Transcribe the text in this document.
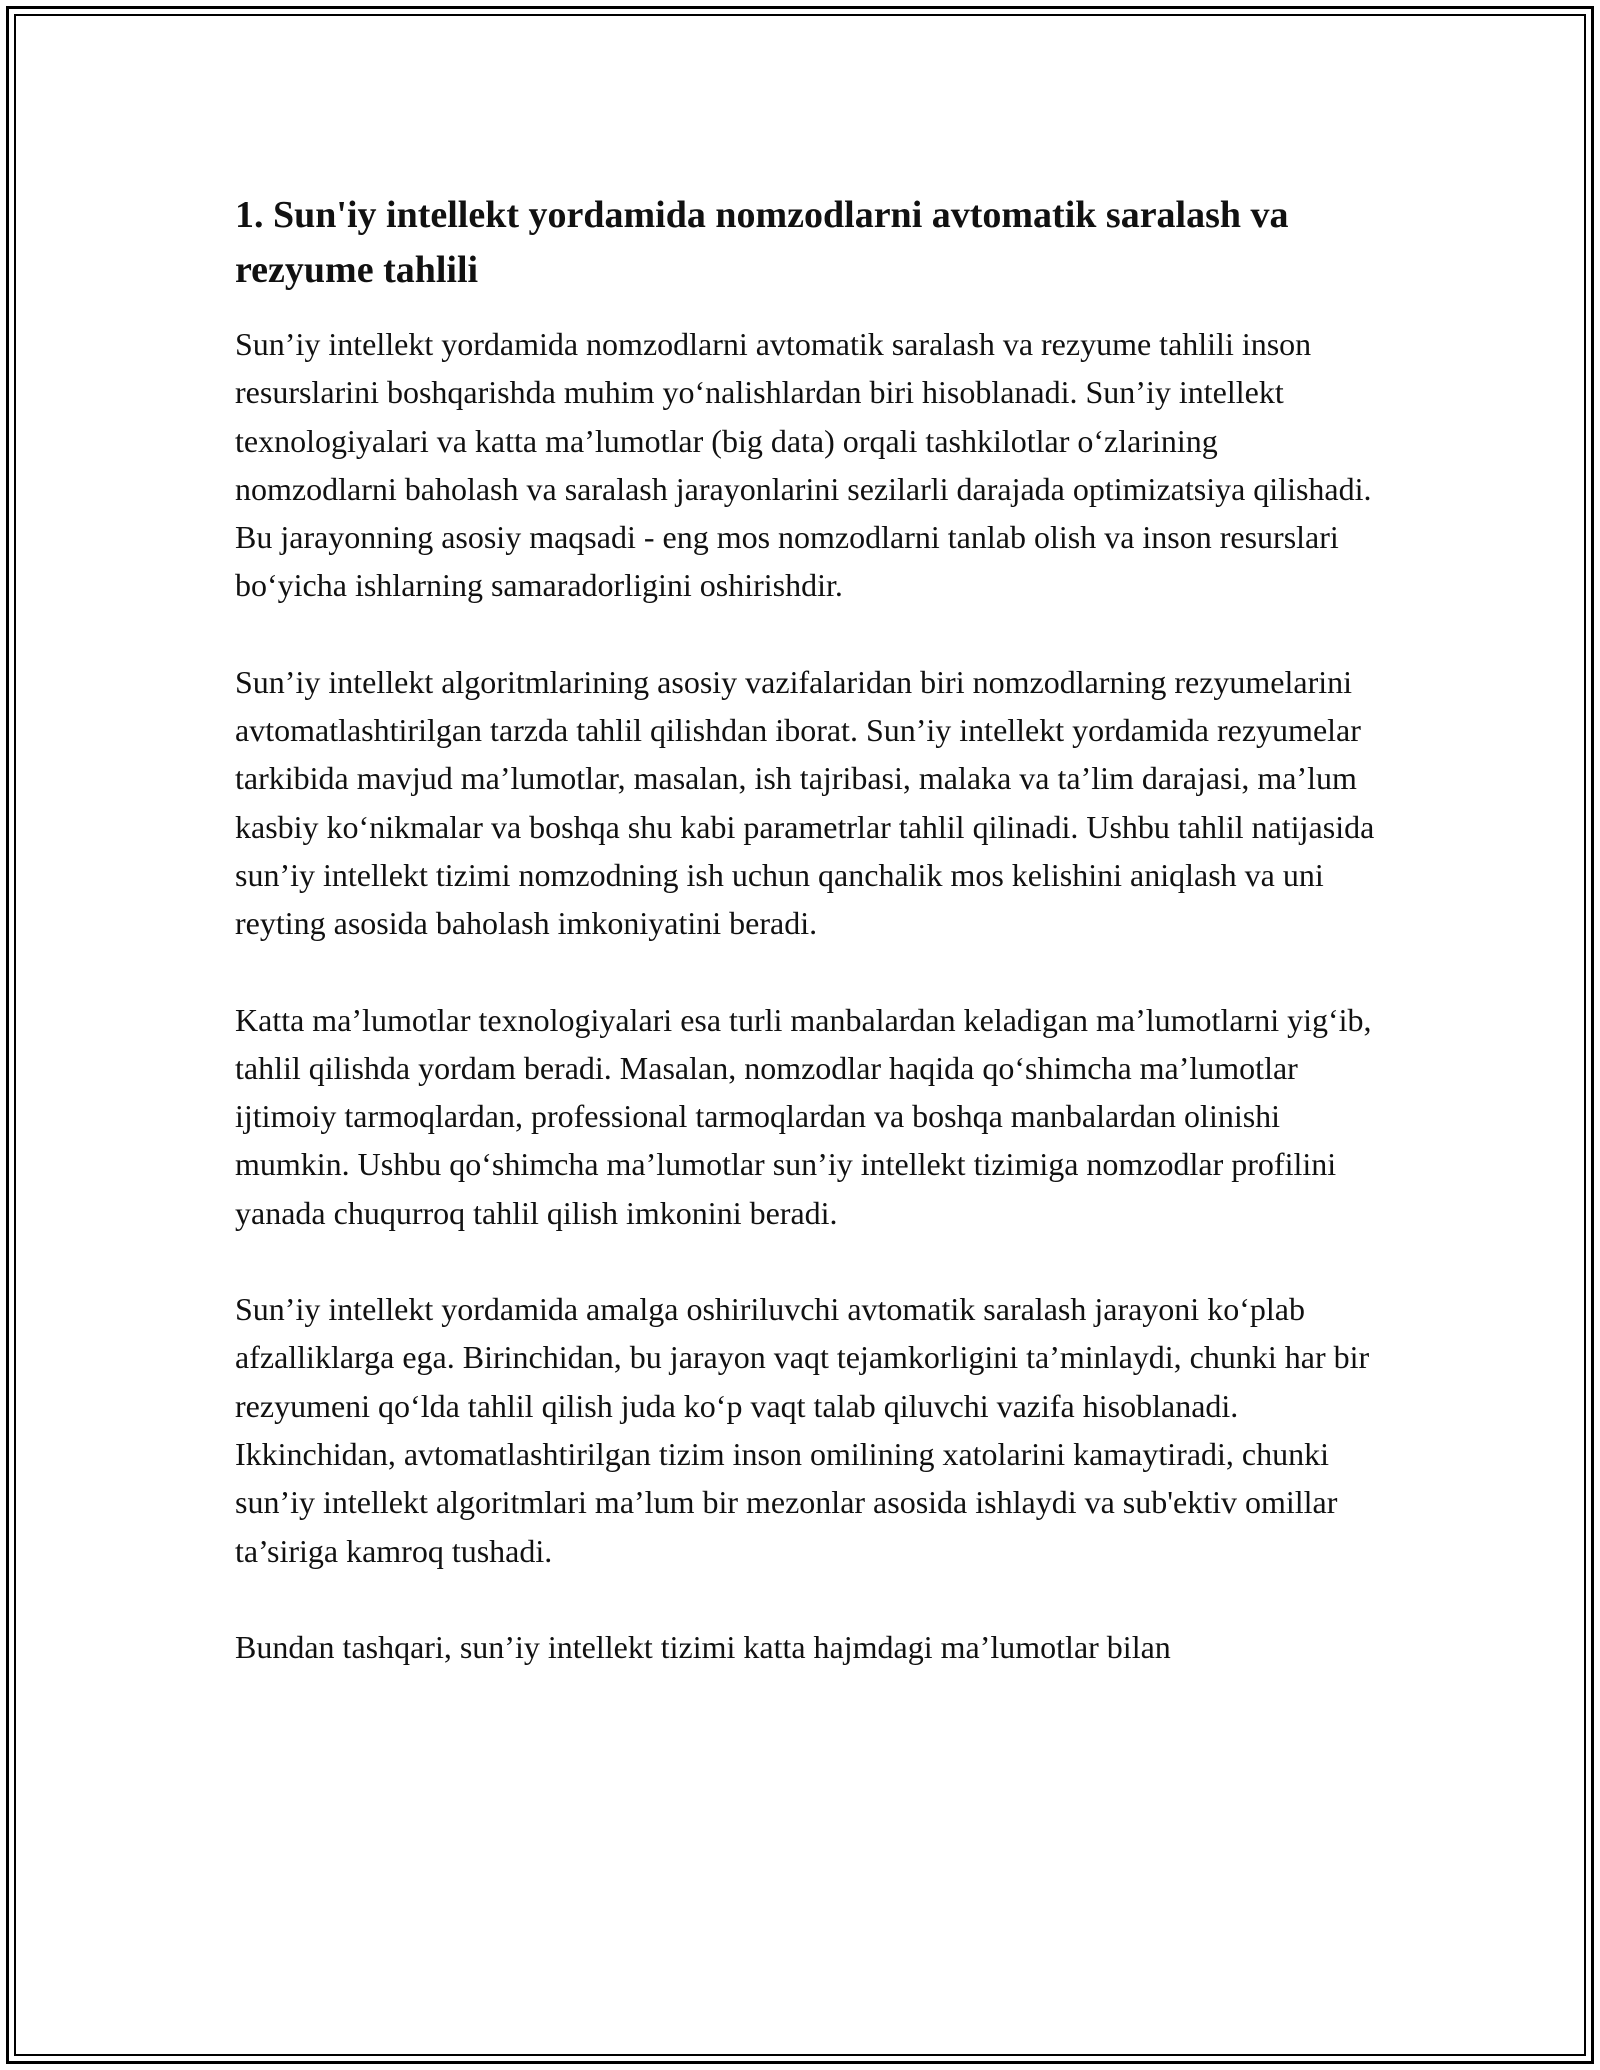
1. Sun'iy intellekt yordamida nomzodlarni avtomatik saralash va rezyume tahlili

Sun’iy intellekt yordamida nomzodlarni avtomatik saralash va rezyume tahlili inson resurslarini boshqarishda muhim yo‘nalishlardan biri hisoblanadi. Sun’iy intellekt texnologiyalari va katta ma’lumotlar (big data) orqali tashkilotlar o‘zlarining nomzodlarni baholash va saralash jarayonlarini sezilarli darajada optimizatsiya qilishadi. Bu jarayonning asosiy maqsadi - eng mos nomzodlarni tanlab olish va inson resurslari bo‘yicha ishlarning samaradorligini oshirishdir.

Sun’iy intellekt algoritmlarining asosiy vazifalaridan biri nomzodlarning rezyumelarini avtomatlashtirilgan tarzda tahlil qilishdan iborat. Sun’iy intellekt yordamida rezyumelar tarkibida mavjud ma’lumotlar, masalan, ish tajribasi, malaka va ta’lim darajasi, ma’lum kasbiy ko‘nikmalar va boshqa shu kabi parametrlar tahlil qilinadi. Ushbu tahlil natijasida sun’iy intellekt tizimi nomzodning ish uchun qanchalik mos kelishini aniqlash va uni reyting asosida baholash imkoniyatini beradi.

Katta ma’lumotlar texnologiyalari esa turli manbalardan keladigan ma’lumotlarni yig‘ib, tahlil qilishda yordam beradi. Masalan, nomzodlar haqida qo‘shimcha ma’lumotlar ijtimoiy tarmoqlardan, professional tarmoqlardan va boshqa manbalardan olinishi mumkin. Ushbu qo‘shimcha ma’lumotlar sun’iy intellekt tizimiga nomzodlar profilini yanada chuqurroq tahlil qilish imkonini beradi.

Sun’iy intellekt yordamida amalga oshiriluvchi avtomatik saralash jarayoni ko‘plab afzalliklarga ega. Birinchidan, bu jarayon vaqt tejamkorligini ta’minlaydi, chunki har bir rezyumeni qo‘lda tahlil qilish juda ko‘p vaqt talab qiluvchi vazifa hisoblanadi. Ikkinchidan, avtomatlashtirilgan tizim inson omilining xatolarini kamaytiradi, chunki sun’iy intellekt algoritmlari ma’lum bir mezonlar asosida ishlaydi va sub'ektiv omillar ta’siriga kamroq tushadi.

Bundan tashqari, sun’iy intellekt tizimi katta hajmdagi ma’lumotlar bilan
